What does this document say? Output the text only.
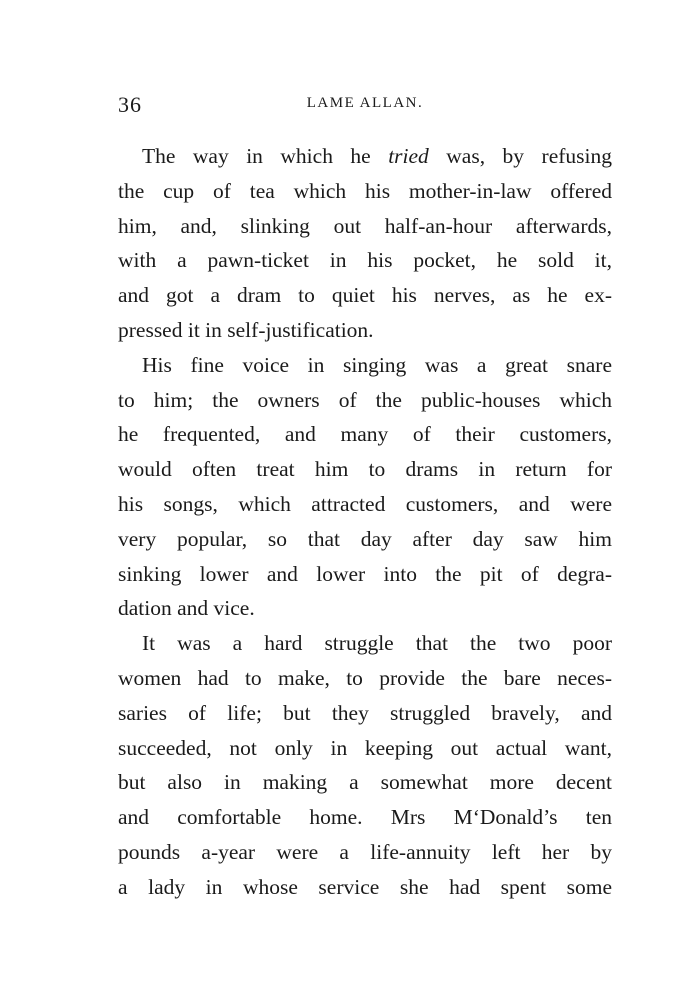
36	LAME ALLAN.
The way in which he tried was, by refusing
the cup of tea which his mother-in-law offered
him, and, slinking out half-an-hour afterwards,
with a pawn-ticket in his pocket, he sold it,
and got a dram to quiet his nerves, as he ex-
pressed it in self-justification.
His fine voice in singing was a great snare
to him; the owners of the public-houses which
he frequented, and many of their customers,
would often treat him to drams in return for
his songs, which attracted customers, and were
very popular, so that day after day saw him
sinking lower and lower into the pit of degra-
dation and vice.
It was a hard struggle that the two poor
women had to make, to provide the bare neces-
saries of life; but they struggled bravely, and
succeeded, not only in keeping out actual want,
but also in making a somewhat more decent
and comfortable home. Mrs M‘Donald’s ten
pounds a-year were a life-annuity left her by
a lady in whose service she had spent some
